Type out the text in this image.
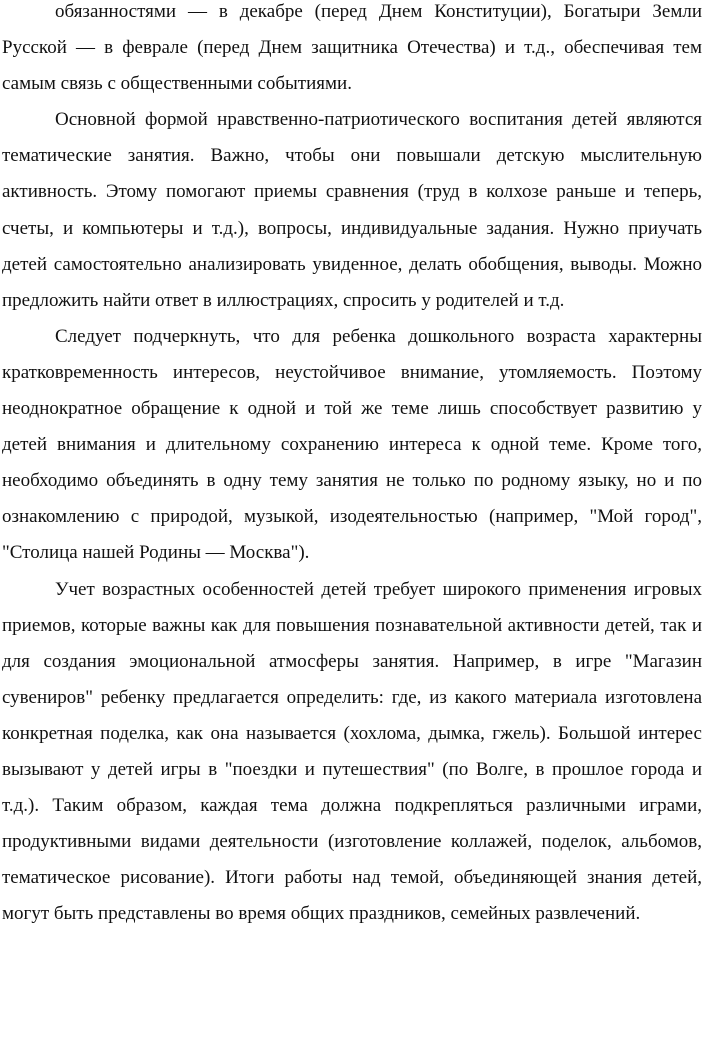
обязанностями — в декабре (перед Днем Конституции), Богатыри Земли Русской — в феврале (перед Днем защитника Отечества) и т.д., обеспечивая тем самым связь с общественными событиями.

Основной формой нравственно-патриотического воспитания детей являются тематические занятия. Важно, чтобы они повышали детскую мыслительную активность. Этому помогают приемы сравнения (труд в колхозе раньше и теперь, счеты, и компьютеры и т.д.), вопросы, индивидуальные задания. Нужно приучать детей самостоятельно анализировать увиденное, делать обобщения, выводы. Можно предложить найти ответ в иллюстрациях, спросить у родителей и т.д.

Следует подчеркнуть, что для ребенка дошкольного возраста характерны кратковременность интересов, неустойчивое внимание, утомляемость. Поэтому неоднократное обращение к одной и той же теме лишь способствует развитию у детей внимания и длительному сохранению интереса к одной теме. Кроме того, необходимо объединять в одну тему занятия не только по родному языку, но и по ознакомлению с природой, музыкой, изодеятельностью (например, "Мой город", "Столица нашей Родины — Москва").

Учет возрастных особенностей детей требует широкого применения игровых приемов, которые важны как для повышения познавательной активности детей, так и для создания эмоциональной атмосферы занятия. Например, в игре "Магазин сувениров" ребенку предлагается определить: где, из какого материала изготовлена конкретная поделка, как она называется (хохлома, дымка, гжель). Большой интерес вызывают у детей игры в "поездки и путешествия" (по Волге, в прошлое города и т.д.). Таким образом, каждая тема должна подкрепляться различными играми, продуктивными видами деятельности (изготовление коллажей, поделок, альбомов, тематическое рисование). Итоги работы над темой, объединяющей знания детей, могут быть представлены во время общих праздников, семейных развлечений.
